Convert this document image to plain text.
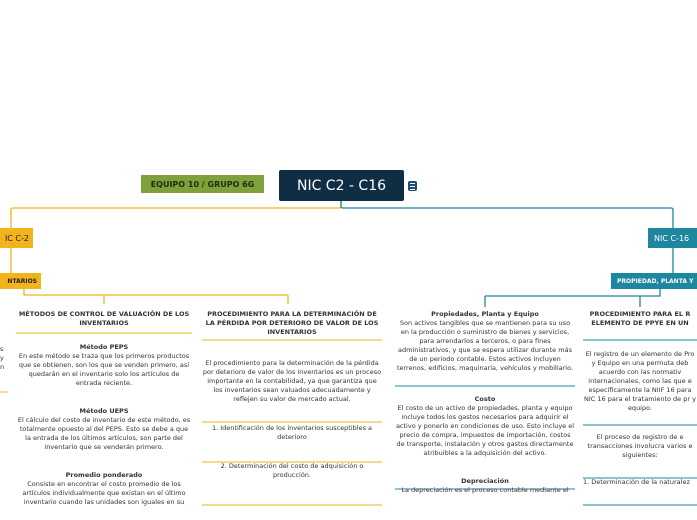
NIC C2 - C16
EQUIPO 10 / GRUPO 6G
IC C-2
NTARIOS
NIC C-16
PROPIEDAD, PLANTA Y
s y n

MÉTODOS DE CONTROL DE VALUACIÓN DE LOS INVENTARIOS

Método PEPS

En este método se traza que los primeros productos que se obtienen, son los que se venden primero, así quedarán en el inventario solo los artículos de entrada reciente.

Método UEPS

El cálculo del costo de inventario de este método, es totalmente opuesto al del PEPS. Esto se debe a que la entrada de los últimos artículos, son parte del inventario que se venderán primero.

Promedio ponderado

Consiste en encontrar el costo promedio de los artículos individualmente que existan en el último inventario cuando las unidades son iguales en su

PROCEDIMIENTO PARA LA DETERMINACIÓN DE LA PÉRDIDA POR DETERIORO DE VALOR DE LOS INVENTARIOS

El procedimiento para la determinación de la pérdida por deterioro de valor de los inventarios es un proceso importante en la contabilidad, ya que garantiza que los inventarios sean valuados adecuadamente y reflejen su valor de mercado actual.

1. Identificación de los inventarios susceptibles a deterioro

2. Determinación del costo de adquisición o producción.

Propiedades, Planta y Equipo

Son activos tangibles que se mantienen para su uso en la producción o suministro de bienes y servicios, para arrendarlos a terceros, o para fines administrativos, y que se espera utilizar durante más de un periodo contable. Estos activos incluyen terrenos, edificios, maquinaria, vehículos y mobiliario.

Costo

El costo de un activo de propiedades, planta y equipo incluye todos los gastos necesarios para adquirir el activo y ponerlo en condiciones de uso. Esto incluye el precio de compra, impuestos de importación, costos de transporte, instalación y otros gastos directamente atribuibles a la adquisición del activo.

Depreciación

La depreciación es el proceso contable mediante el

PROCEDIMIENTO PARA EL R ELEMENTO DE PPYE EN UN

El registro de un elemento de Pro y Equipo en una permuta deb acuerdo con las normativ internacionales, como las que e específicamente la NIIF 16 para NIC 16 para el tratamiento de pr y equipo.

El proceso de registro de e transacciones involucra varios e siguientes:

1. Determinación de la naturalez
